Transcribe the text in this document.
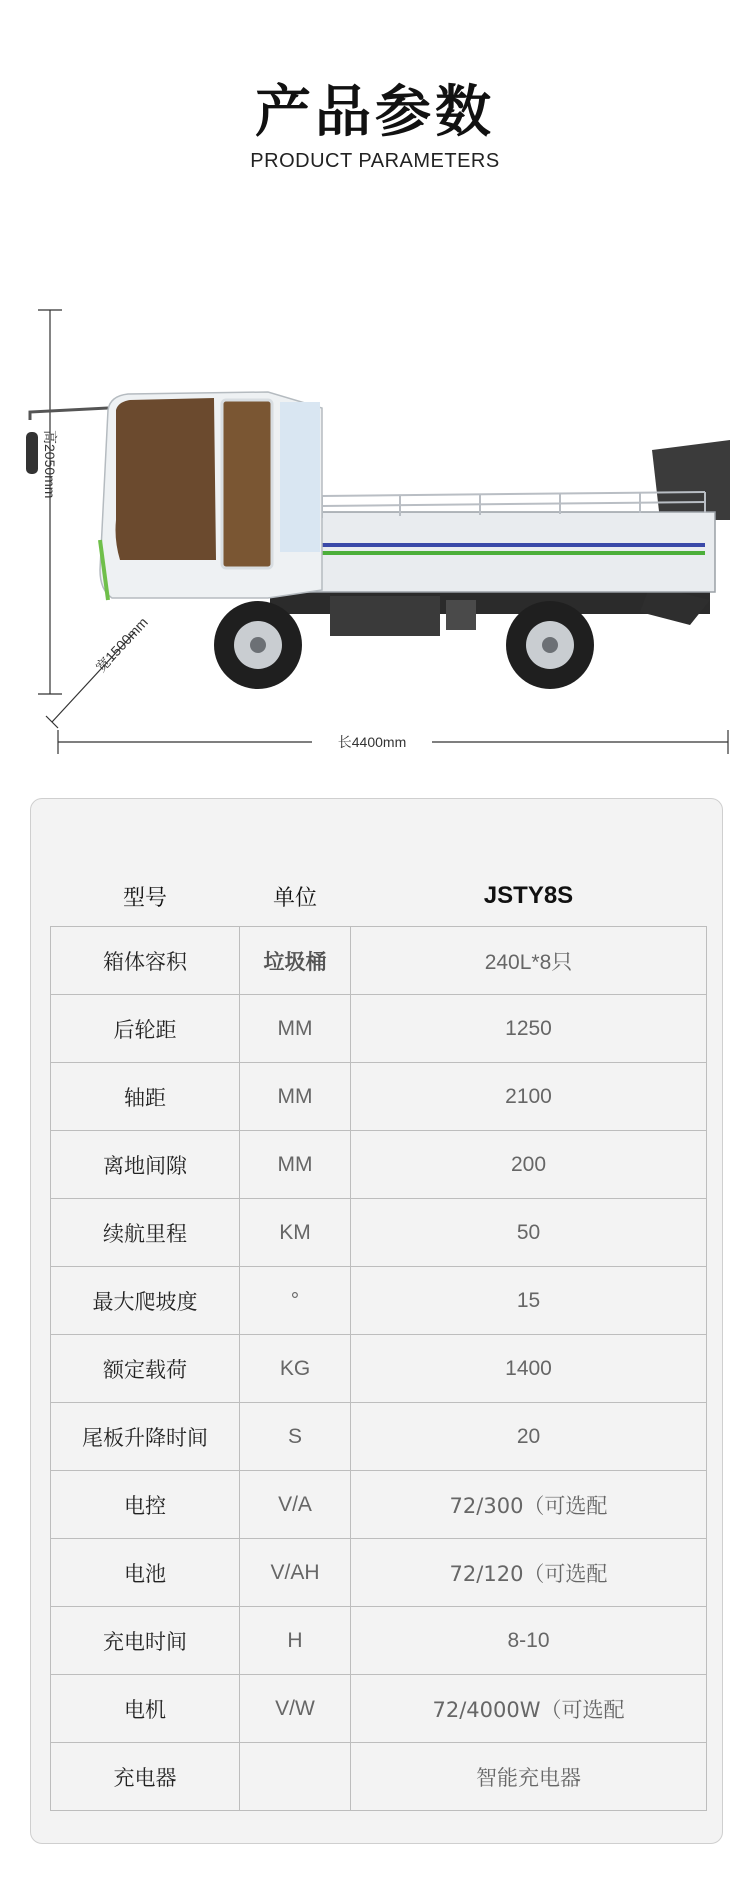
产品参数
PRODUCT PARAMETERS
高2050mm
宽1500mm
长4400mm
型号	单位	JSTY8S
箱体容积	垃圾桶	240L*8只
后轮距	MM	1250
轴距	MM	2100
离地间隙	MM	200
续航里程	KM	50
最大爬坡度	°	15
额定载荷	KG	1400
尾板升降时间	S	20
电控	V/A	72/300（可选配
电池	V/AH	72/120（可选配
充电时间	H	8-10
电机	V/W	72/4000W（可选配
充电器		智能充电器
